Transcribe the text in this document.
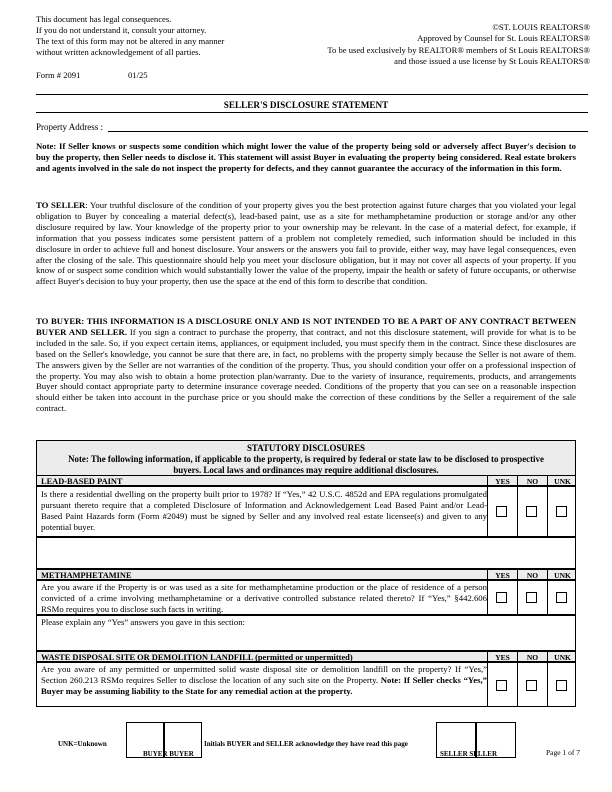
This document has legal consequences.
If you do not understand it, consult your attorney.
The text of this form may not be altered in any manner
without written acknowledgement of all parties.
©ST. LOUIS REALTORS®
Approved by Counsel for St. Louis REALTORS®
To be used exclusively by REALTOR® members of St Louis REALTORS®
and those issued a use license by St Louis REALTORS®
Form # 2091	01/25
SELLER'S DISCLOSURE STATEMENT
Property Address :
Note: If Seller knows or suspects some condition which might lower the value of the property being sold or adversely affect Buyer's decision to buy the property, then Seller needs to disclose it. This statement will assist Buyer in evaluating the property being considered. Real estate brokers and agents involved in the sale do not inspect the property for defects, and they cannot guarantee the accuracy of the information in this form.
TO SELLER: Your truthful disclosure of the condition of your property gives you the best protection against future charges that you violated your legal obligation to Buyer by concealing a material defect(s), lead-based paint, use as a site for methamphetamine production or storage and/or any other disclosure required by law. Your knowledge of the property prior to your ownership may be relevant. In the case of a material defect, for example, if information that you possess indicates some persistent pattern of a problem not completely remedied, such information should be included in this disclosure in order to achieve full and honest disclosure. Your answers or the answers you fail to provide, either way, may have legal consequences, even after the closing of the sale. This questionnaire should help you meet your disclosure obligation, but it may not cover all aspects of your property. If you know of or suspect some condition which would substantially lower the value of the property, impair the health or safety of future occupants, or otherwise affect Buyer's decision to buy your property, then use the space at the end of this form to describe that condition.
TO BUYER: THIS INFORMATION IS A DISCLOSURE ONLY AND IS NOT INTENDED TO BE A PART OF ANY CONTRACT BETWEEN BUYER AND SELLER. If you sign a contract to purchase the property, that contract, and not this disclosure statement, will provide for what is to be included in the sale. So, if you expect certain items, appliances, or equipment included, you must specify them in the contract. Since these disclosures are based on the Seller's knowledge, you cannot be sure that there are, in fact, no problems with the property simply because the Seller is not aware of them. The answers given by the Seller are not warranties of the condition of the property. Thus, you should condition your offer on a professional inspection of the property. You may also wish to obtain a home protection plan/warranty. Due to the variety of insurance, requirements, products, and arrangements Buyer should contact appropriate party to determine insurance coverage needed. Conditions of the property that you can see on a reasonable inspection should either be taken into account in the purchase price or you should make the correction of these conditions by the Seller a requirement of the sale contract.
STATUTORY DISCLOSURES
Note: The following information, if applicable to the property, is required by federal or state law to be disclosed to prospective buyers. Local laws and ordinances may require additional disclosures.
LEAD-BASED PAINT	YES	NO	UNK
Is there a residential dwelling on the property built prior to 1978? If “Yes,” 42 U.S.C. 4852d and EPA regulations promulgated pursuant thereto require that a completed Disclosure of Information and Acknowledgement Lead Based Paint and/or Lead-Based Paint Hazards form (Form #2049) must be signed by Seller and any involved real estate licensee(s) and given to any potential buyer.
METHAMPHETAMINE	YES	NO	UNK
Are you aware if the Property is or was used as a site for methamphetamine production or the place of residence of a person convicted of a crime involving methamphetamine or a derivative controlled substance related thereto? If “Yes,” §442.606 RSMo requires you to disclose such facts in writing.
Please explain any “Yes” answers you gave in this section:
WASTE DISPOSAL SITE OR DEMOLITION LANDFILL (permitted or unpermitted)	YES	NO	UNK
Are you aware of any permitted or unpermitted solid waste disposal site or demolition landfill on the property? If “Yes,” Section 260.213 RSMo requires Seller to disclose the location of any such site on the Property. Note: If Seller checks “Yes,” Buyer may be assuming liability to the State for any remedial action at the property.
UNK=Unknown
BUYER BUYER
Initials BUYER and SELLER acknowledge they have read this page
SELLER SELLER	Page 1 of 7
